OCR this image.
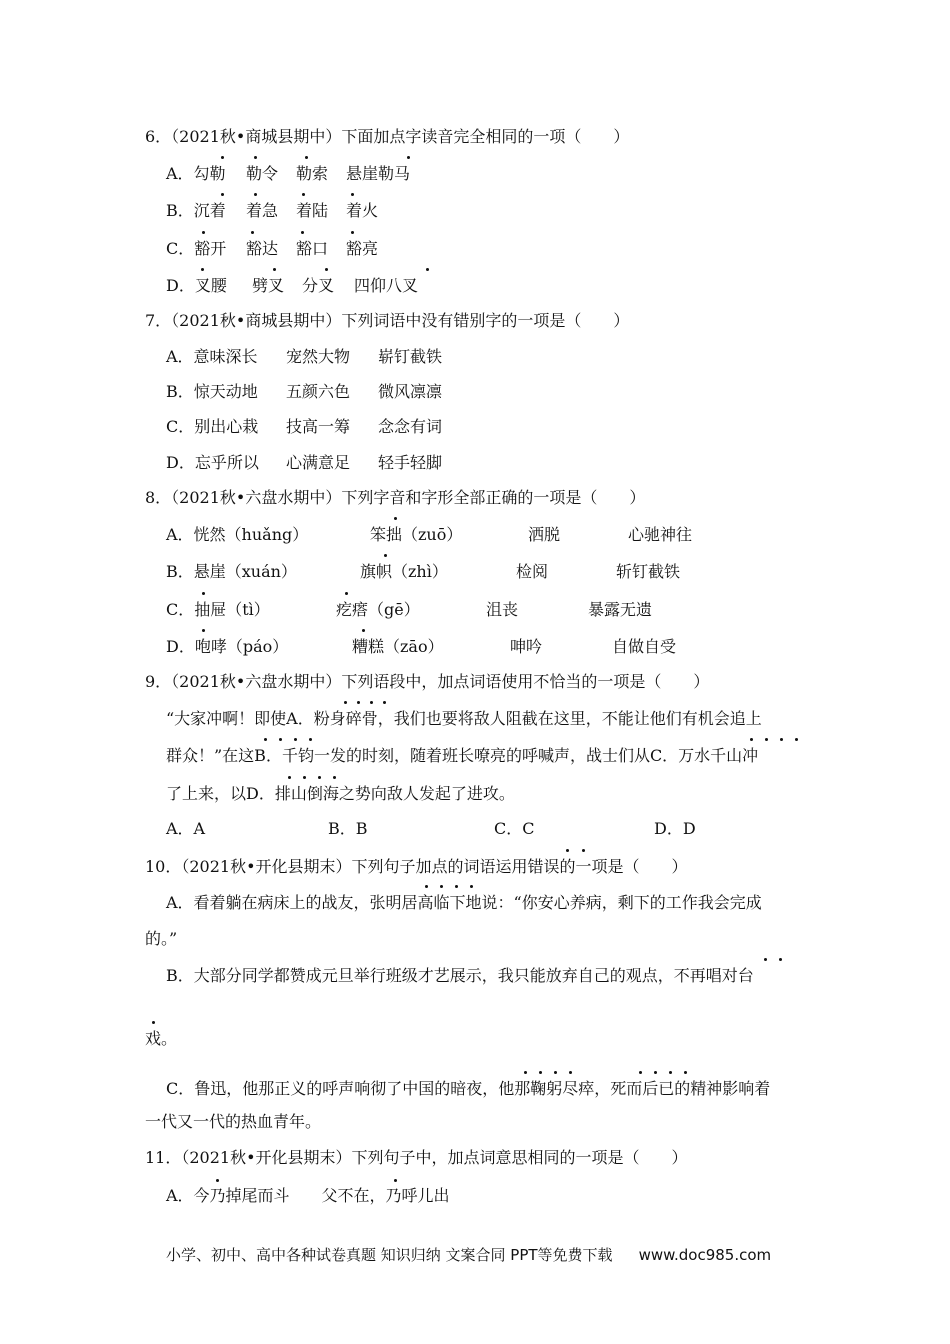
6．（2021秋•商城县期中）下面加点字读音完全相同的一项（　　）
A．勾勒 勒令 勒索 悬崖勒马
B．沉着 着急 着陆 着火
C．豁开 豁达 豁口 豁亮
D．叉腰 劈叉 分叉 四仰八叉
7．（2021秋•商城县期中）下列词语中没有错别字的一项是（　　）
A．意味深长 宠然大物 崭钉截铁
B．惊天动地 五颜六色 微风凛凛
C．别出心栽 技高一筹 念念有词
D．忘乎所以 心满意足 轻手轻脚
8．（2021秋•六盘水期中）下列字音和字形全部正确的一项是（　　）
A．恍然（huǎng）	笨拙（zuō）	洒脱	心驰神往
B．悬崖（xuán）	旗帜（zhì）	检阅	斩钉截铁
C．抽屉（tì）	疙瘩（gē）	沮丧	暴露无遗
D．咆哮（páo）	糟糕（zāo）	呻吟	自做自受
9．（2021秋•六盘水期中）下列语段中，加点词语使用不恰当的一项是（　　）
“大家冲啊！即使A．粉身碎骨，我们也要将敌人阻截在这里，不能让他们有机会追上
群众！”在这B．千钧一发的时刻，随着班长嘹亮的呼喊声，战士们从C．万水千山冲
了上来，以D．排山倒海之势向敌人发起了进攻。
A．A	B．B	C．C	D．D
10．（2021秋•开化县期末）下列句子加点的词语运用错误的一项是（　　）
A．看着躺在病床上的战友，张明居高临下地说：“你安心养病，剩下的工作我会完成
的。”
B．大部分同学都赞成元旦举行班级才艺展示，我只能放弃自己的观点，不再唱对台
戏。
C．鲁迅，他那正义的呼声响彻了中国的暗夜，他那鞠躬尽瘁，死而后已的精神影响着
一代又一代的热血青年。
11．（2021秋•开化县期末）下列句子中，加点词意思相同的一项是（　　）
A．今乃掉尾而斗　　父不在，乃呼儿出
小学、初中、高中各种试卷真题 知识归纳 文案合同 PPT等免费下载 www.doc985.com
